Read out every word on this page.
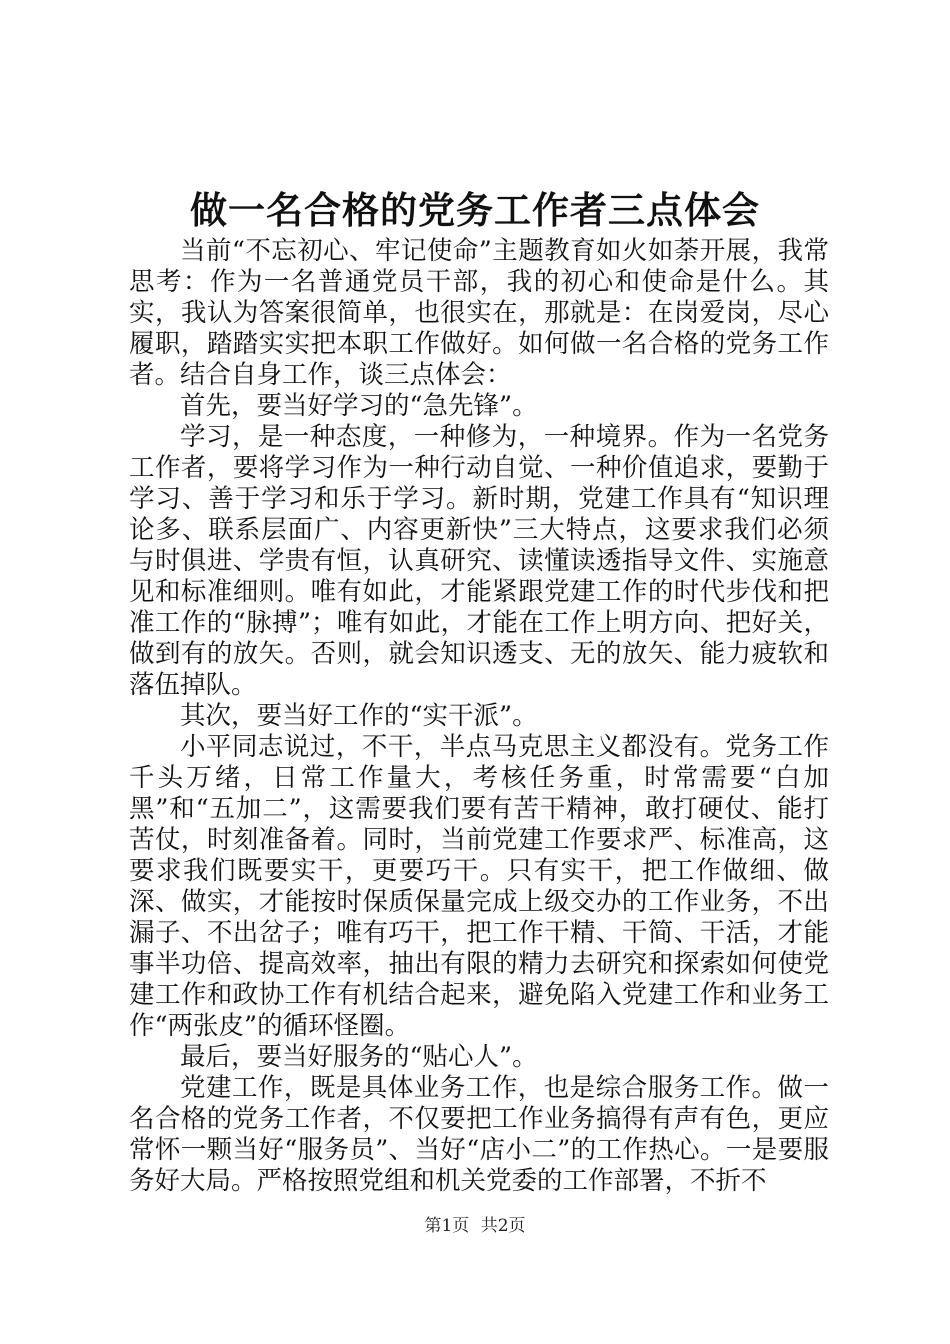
做一名合格的党务工作者三点体会

当前“不忘初心、牢记使命”主题教育如火如荼开展，我常思考：作为一名普通党员干部，我的初心和使命是什么。其实，我认为答案很简单，也很实在，那就是：在岗爱岗，尽心履职，踏踏实实把本职工作做好。如何做一名合格的党务工作者。结合自身工作，谈三点体会：

首先，要当好学习的“急先锋”。

学习，是一种态度，一种修为，一种境界。作为一名党务工作者，要将学习作为一种行动自觉、一种价值追求，要勤于学习、善于学习和乐于学习。新时期，党建工作具有“知识理论多、联系层面广、内容更新快”三大特点，这要求我们必须与时俱进、学贵有恒，认真研究、读懂读透指导文件、实施意见和标准细则。唯有如此，才能紧跟党建工作的时代步伐和把准工作的“脉搏”；唯有如此，才能在工作上明方向、把好关，做到有的放矢。否则，就会知识透支、无的放矢、能力疲软和落伍掉队。

其次，要当好工作的“实干派”。

小平同志说过，不干，半点马克思主义都没有。党务工作千头万绪，日常工作量大，考核任务重，时常需要“白加黑”和“五加二”，这需要我们要有苦干精神，敢打硬仗、能打苦仗，时刻准备着。同时，当前党建工作要求严、标准高，这要求我们既要实干，更要巧干。只有实干，把工作做细、做深、做实，才能按时保质保量完成上级交办的工作业务，不出漏子、不出岔子；唯有巧干，把工作干精、干简、干活，才能事半功倍、提高效率，抽出有限的精力去研究和探索如何使党建工作和政协工作有机结合起来，避免陷入党建工作和业务工作“两张皮”的循环怪圈。

最后，要当好服务的“贴心人”。

党建工作，既是具体业务工作，也是综合服务工作。做一名合格的党务工作者，不仅要把工作业务搞得有声有色，更应常怀一颗当好“服务员”、当好“店小二”的工作热心。一是要服务好大局。严格按照党组和机关党委的工作部署，不折不

第1页 共2页
